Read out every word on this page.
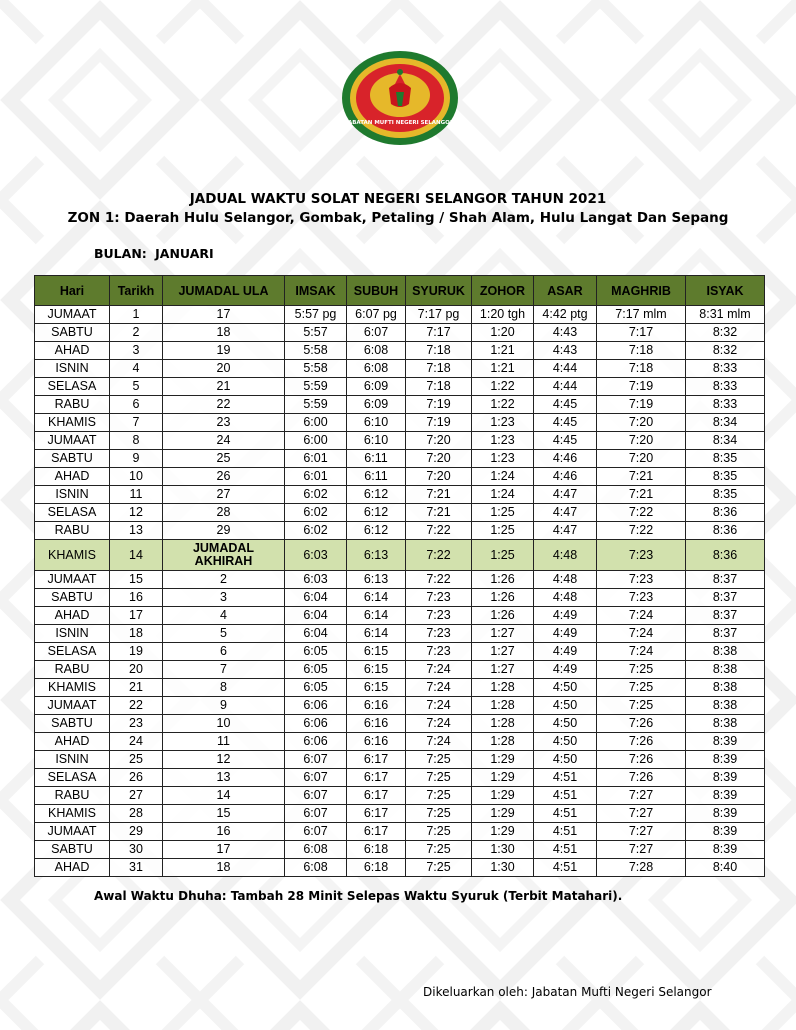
JABATAN MUFTI NEGERI SELANGOR
JADUAL WAKTU SOLAT NEGERI SELANGOR TAHUN 2021
ZON 1: Daerah Hulu Selangor, Gombak, Petaling / Shah Alam, Hulu Langat Dan Sepang
BULAN: JANUARI
Hari	Tarikh	JUMADAL ULA	IMSAK	SUBUH	SYURUK	ZOHOR	ASAR	MAGHRIB	ISYAK
JUMAAT	1	17	5:57 pg	6:07 pg	7:17 pg	1:20 tgh	4:42 ptg	7:17 mlm	8:31 mlm
SABTU	2	18	5:57	6:07	7:17	1:20	4:43	7:17	8:32
AHAD	3	19	5:58	6:08	7:18	1:21	4:43	7:18	8:32
ISNIN	4	20	5:58	6:08	7:18	1:21	4:44	7:18	8:33
SELASA	5	21	5:59	6:09	7:18	1:22	4:44	7:19	8:33
RABU	6	22	5:59	6:09	7:19	1:22	4:45	7:19	8:33
KHAMIS	7	23	6:00	6:10	7:19	1:23	4:45	7:20	8:34
JUMAAT	8	24	6:00	6:10	7:20	1:23	4:45	7:20	8:34
SABTU	9	25	6:01	6:11	7:20	1:23	4:46	7:20	8:35
AHAD	10	26	6:01	6:11	7:20	1:24	4:46	7:21	8:35
ISNIN	11	27	6:02	6:12	7:21	1:24	4:47	7:21	8:35
SELASA	12	28	6:02	6:12	7:21	1:25	4:47	7:22	8:36
RABU	13	29	6:02	6:12	7:22	1:25	4:47	7:22	8:36
KHAMIS	14	JUMADAL AKHIRAH	6:03	6:13	7:22	1:25	4:48	7:23	8:36
JUMAAT	15	2	6:03	6:13	7:22	1:26	4:48	7:23	8:37
SABTU	16	3	6:04	6:14	7:23	1:26	4:48	7:23	8:37
AHAD	17	4	6:04	6:14	7:23	1:26	4:49	7:24	8:37
ISNIN	18	5	6:04	6:14	7:23	1:27	4:49	7:24	8:37
SELASA	19	6	6:05	6:15	7:23	1:27	4:49	7:24	8:38
RABU	20	7	6:05	6:15	7:24	1:27	4:49	7:25	8:38
KHAMIS	21	8	6:05	6:15	7:24	1:28	4:50	7:25	8:38
JUMAAT	22	9	6:06	6:16	7:24	1:28	4:50	7:25	8:38
SABTU	23	10	6:06	6:16	7:24	1:28	4:50	7:26	8:38
AHAD	24	11	6:06	6:16	7:24	1:28	4:50	7:26	8:39
ISNIN	25	12	6:07	6:17	7:25	1:29	4:50	7:26	8:39
SELASA	26	13	6:07	6:17	7:25	1:29	4:51	7:26	8:39
RABU	27	14	6:07	6:17	7:25	1:29	4:51	7:27	8:39
KHAMIS	28	15	6:07	6:17	7:25	1:29	4:51	7:27	8:39
JUMAAT	29	16	6:07	6:17	7:25	1:29	4:51	7:27	8:39
SABTU	30	17	6:08	6:18	7:25	1:30	4:51	7:27	8:39
AHAD	31	18	6:08	6:18	7:25	1:30	4:51	7:28	8:40
Awal Waktu Dhuha: Tambah 28 Minit Selepas Waktu Syuruk (Terbit Matahari).
Dikeluarkan oleh: Jabatan Mufti Negeri Selangor
